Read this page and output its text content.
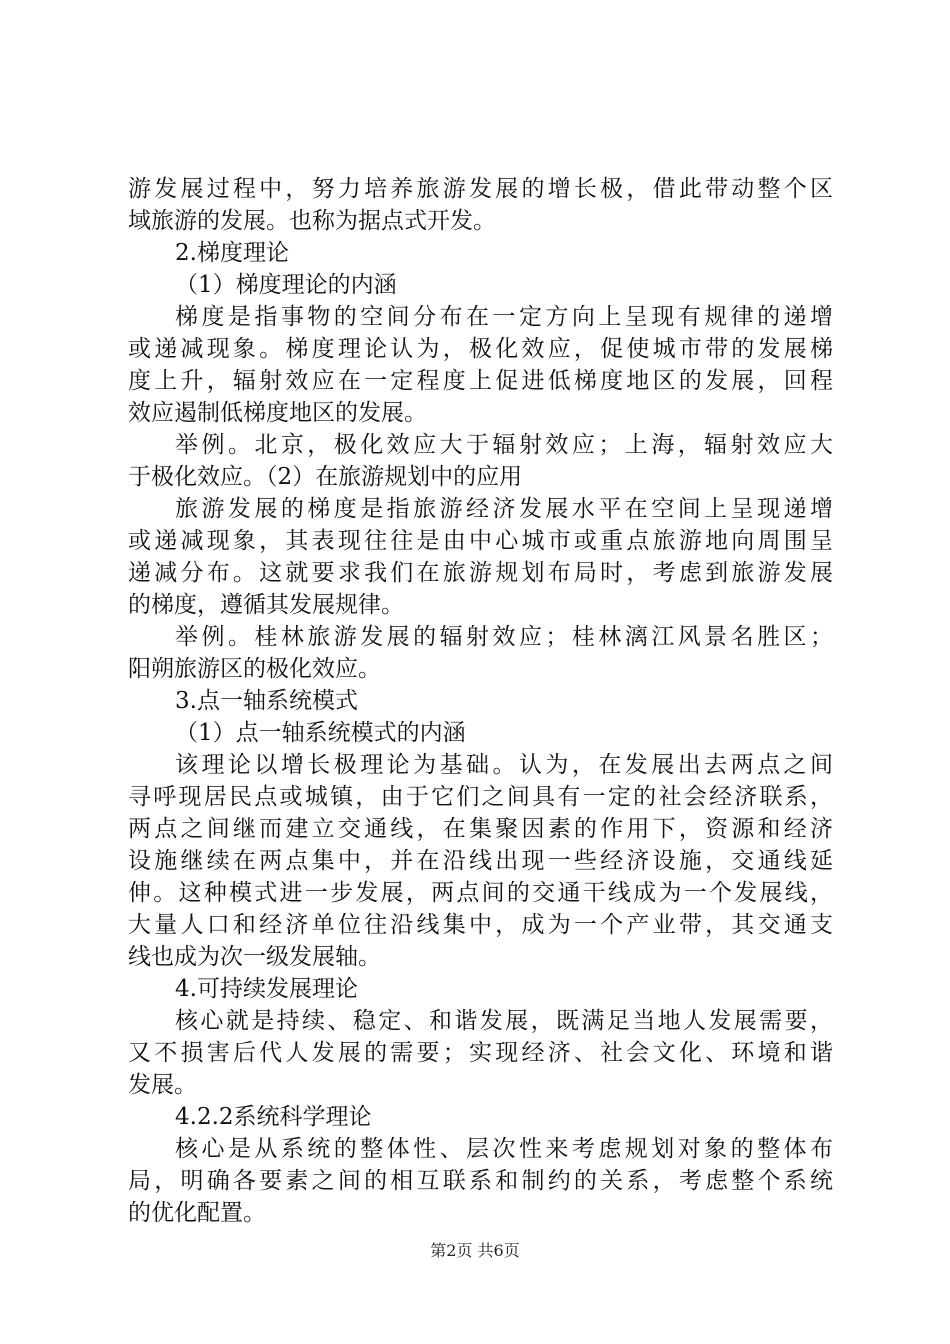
游发展过程中，努力培养旅游发展的增长极，借此带动整个区
域旅游的发展。也称为据点式开发。
2.梯度理论
（1）梯度理论的内涵
梯度是指事物的空间分布在一定方向上呈现有规律的递增
或递减现象。梯度理论认为，极化效应，促使城市带的发展梯
度上升，辐射效应在一定程度上促进低梯度地区的发展，回程
效应遏制低梯度地区的发展。
举例。北京，极化效应大于辐射效应；上海，辐射效应大
于极化效应。（2）在旅游规划中的应用
旅游发展的梯度是指旅游经济发展水平在空间上呈现递增
或递减现象，其表现往往是由中心城市或重点旅游地向周围呈
递减分布。这就要求我们在旅游规划布局时，考虑到旅游发展
的梯度，遵循其发展规律。
举例。桂林旅游发展的辐射效应；桂林漓江风景名胜区；
阳朔旅游区的极化效应。
3.点一轴系统模式
（1）点一轴系统模式的内涵
该理论以增长极理论为基础。认为，在发展出去两点之间
寻呼现居民点或城镇，由于它们之间具有一定的社会经济联系，
两点之间继而建立交通线，在集聚因素的作用下，资源和经济
设施继续在两点集中，并在沿线出现一些经济设施，交通线延
伸。这种模式进一步发展，两点间的交通干线成为一个发展线，
大量人口和经济单位往沿线集中，成为一个产业带，其交通支
线也成为次一级发展轴。
4.可持续发展理论
核心就是持续、稳定、和谐发展，既满足当地人发展需要，
又不损害后代人发展的需要；实现经济、社会文化、环境和谐
发展。
4.2.2系统科学理论
核心是从系统的整体性、层次性来考虑规划对象的整体布
局，明确各要素之间的相互联系和制约的关系，考虑整个系统
的优化配置。
第2页 共6页
